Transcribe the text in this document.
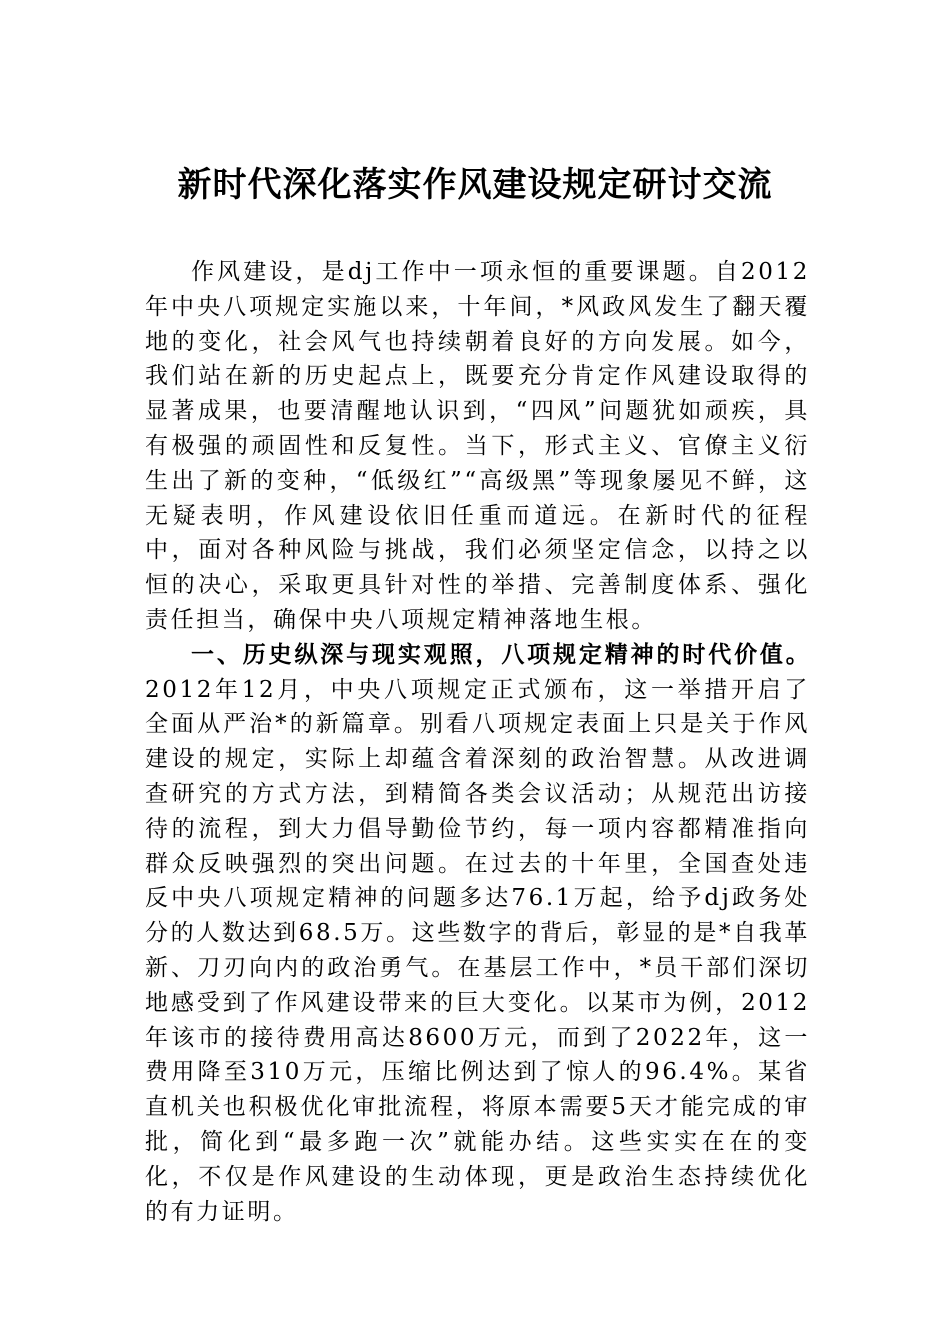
新时代深化落实作风建设规定研讨交流

作风建设，是dj工作中一项永恒的重要课题。自2012年中央八项规定实施以来，十年间，*风政风发生了翻天覆地的变化，社会风气也持续朝着良好的方向发展。如今，我们站在新的历史起点上，既要充分肯定作风建设取得的显著成果，也要清醒地认识到，“四风”问题犹如顽疾，具有极强的顽固性和反复性。当下，形式主义、官僚主义衍生出了新的变种，“低级红”“高级黑”等现象屡见不鲜，这无疑表明，作风建设依旧任重而道远。在新时代的征程中，面对各种风险与挑战，我们必须坚定信念，以持之以恒的决心，采取更具针对性的举措、完善制度体系、强化责任担当，确保中央八项规定精神落地生根。

一、历史纵深与现实观照，八项规定精神的时代价值。2012年12月，中央八项规定正式颁布，这一举措开启了全面从严治*的新篇章。别看八项规定表面上只是关于作风建设的规定，实际上却蕴含着深刻的政治智慧。从改进调查研究的方式方法，到精简各类会议活动；从规范出访接待的流程，到大力倡导勤俭节约，每一项内容都精准指向群众反映强烈的突出问题。在过去的十年里，全国查处违反中央八项规定精神的问题多达76.1万起，给予dj政务处分的人数达到68.5万。这些数字的背后，彰显的是*自我革新、刀刃向内的政治勇气。在基层工作中，*员干部们深切地感受到了作风建设带来的巨大变化。以某市为例，2012年该市的接待费用高达8600万元，而到了2022年，这一费用降至310万元，压缩比例达到了惊人的96.4%。某省直机关也积极优化审批流程，将原本需要5天才能完成的审批，简化到“最多跑一次”就能办结。这些实实在在的变化，不仅是作风建设的生动体现，更是政治生态持续优化的有力证明。
